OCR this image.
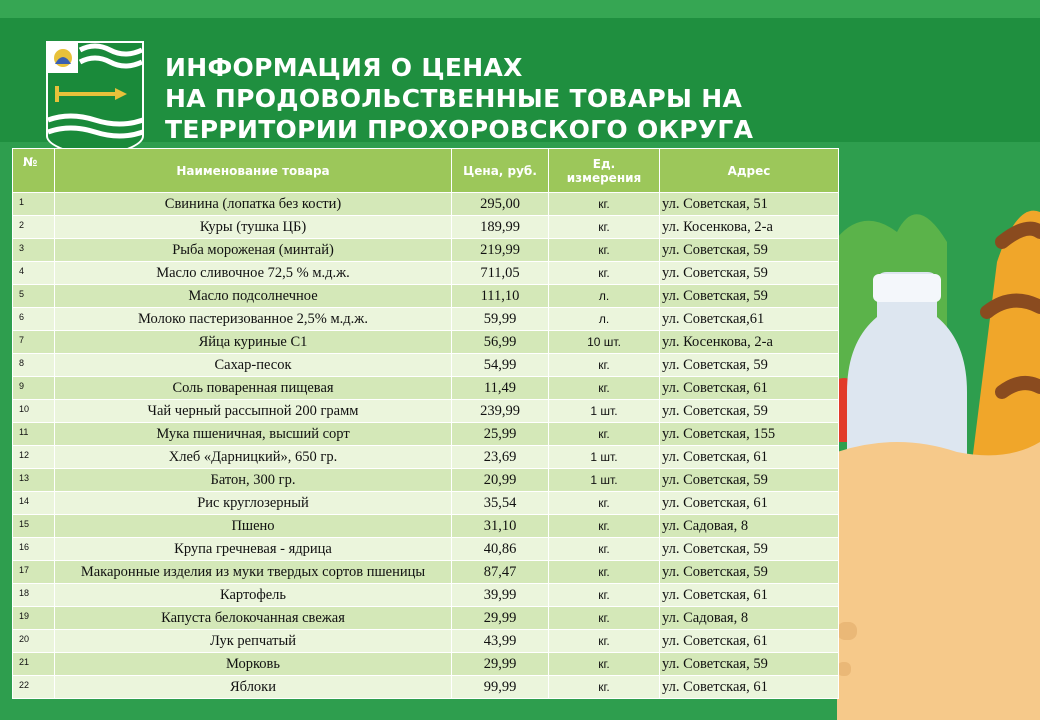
ИНФОРМАЦИЯ О ЦЕНАХ
НА ПРОДОВОЛЬСТВЕННЫЕ ТОВАРЫ НА
ТЕРРИТОРИИ ПРОХОРОВСКОГО ОКРУГА
№	Наименование товара	Цена, руб.	Ед.
измерения	Адрес
1	Свинина (лопатка без кости)	295,00	кг.	ул. Советская, 51
2	Куры (тушка ЦБ)	189,99	кг.	ул. Косенкова, 2-а
3	Рыба мороженая (минтай)	219,99	кг.	ул. Советская, 59
4	Масло сливочное 72,5 % м.д.ж.	711,05	кг.	ул. Советская, 59
5	Масло подсолнечное	111,10	л.	ул. Советская, 59
6	Молоко пастеризованное 2,5% м.д.ж.	59,99	л.	ул. Советская,61
7	Яйца куриные С1	56,99	10 шт.	ул. Косенкова, 2-а
8	Сахар-песок	54,99	кг.	ул. Советская, 59
9	Соль поваренная пищевая	11,49	кг.	ул. Советская, 61
10	Чай черный рассыпной 200 грамм	239,99	1 шт.	ул. Советская, 59
11	Мука пшеничная, высший сорт	25,99	кг.	ул. Советская, 155
12	Хлеб «Дарницкий», 650 гр.	23,69	1 шт.	ул. Советская, 61
13	Батон, 300 гр.	20,99	1 шт.	ул. Советская, 59
14	Рис круглозерный	35,54	кг.	ул. Советская, 61
15	Пшено	31,10	кг.	ул. Садовая, 8
16	Крупа гречневая - ядрица	40,86	кг.	ул. Советская, 59
17	Макаронные изделия из муки твердых сортов пшеницы	87,47	кг.	ул. Советская, 59
18	Картофель	39,99	кг.	ул. Советская, 61
19	Капуста белокочанная свежая	29,99	кг.	ул. Садовая, 8
20	Лук репчатый	43,99	кг.	ул. Советская, 61
21	Морковь	29,99	кг.	ул. Советская, 59
22	Яблоки	99,99	кг.	ул. Советская, 61
